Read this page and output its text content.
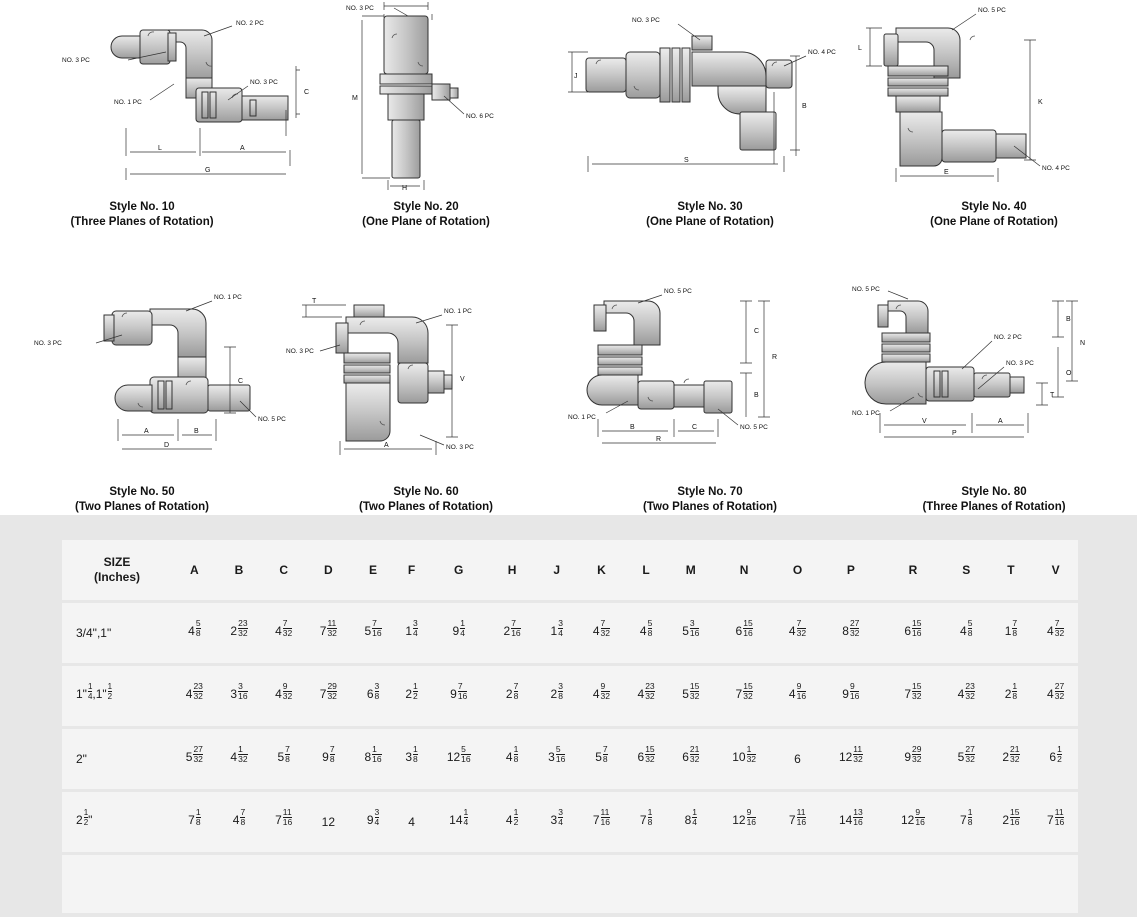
NO. 2 PC
NO. 3 PC
NO. 3 PC
NO. 1 PC
L	A
G
C
Style No. 10
(Three Planes of Rotation)
NO. 3 PC
NO. 6 PC
M
H
Style No. 20
(One Plane of Rotation)
NO. 3 PC
NO. 4 PC
J
B
S
Style No. 30
(One Plane of Rotation)
NO. 5 PC
NO. 4 PC
L
K
E
Style No. 40
(One Plane of Rotation)
NO. 1 PC
NO. 3 PC
NO. 5 PC
C
A	B
D
Style No. 50
(Two Planes of Rotation)
NO. 1 PC
NO. 3 PC
NO. 3 PC
T
V
A
Style No. 60
(Two Planes of Rotation)
NO. 5 PC
NO. 1 PC
NO. 5 PC
C
R
B
B	C
R
Style No. 70
(Two Planes of Rotation)
NO. 5 PC
NO. 2 PC
NO. 3 PC
NO. 1 PC
B
N
O
T
V	A
P
Style No. 80
(Three Planes of Rotation)
SIZE
(Inches)	A	B	C	D	E	F	G	H	J	K	L	M	N	O	P	R	S	T	V
3/4",1"	$4 \frac{5}{8}$	$2 \frac{23}{32}$	$4 \frac{7}{32}$	$7 \frac{11}{32}$	$5 \frac{7}{16}$	$1 \frac{3}{4}$	$9 \frac{1}{4}$	$2 \frac{7}{16}$	$1 \frac{3}{4}$	$4 \frac{7}{32}$	$4 \frac{5}{8}$	$5 \frac{3}{16}$	$6 \frac{15}{16}$	$4 \frac{7}{32}$	$8 \frac{27}{32}$	$6 \frac{15}{16}$	$4 \frac{5}{8}$	$1 \frac{7}{8}$	$4 \frac{7}{32}$

1" $\frac{1}{4} ,1$" $\frac{1}{2}$	$4 \frac{23}{32}$	$3 \frac{3}{16}$	$4 \frac{9}{32}$	$7 \frac{29}{32}$	$6 \frac{3}{8}$	$2 \frac{1}{2}$	$9 \frac{7}{16}$	$2 \frac{7}{8}$	$2 \frac{3}{8}$	$4 \frac{9}{32}$	$4 \frac{23}{32}$	$5 \frac{15}{32}$	$7 \frac{15}{32}$	$4 \frac{9}{16}$	$9 \frac{9}{16}$	$7 \frac{15}{32}$	$4 \frac{23}{32}$	$2 \frac{1}{8}$	$4 \frac{27}{32}$

2"	$5 \frac{27}{32}$	$4 \frac{1}{32}$	$5 \frac{7}{8}$	$9 \frac{7}{8}$	$8 \frac{1}{16}$	$3 \frac{1}{8}$	$12 \frac{5}{16}$	$4 \frac{1}{8}$	$3 \frac{5}{16}$	$5 \frac{7}{8}$	$6 \frac{15}{32}$	$6 \frac{21}{32}$	$10 \frac{1}{32}$	6	$12 \frac{11}{32}$	$9 \frac{29}{32}$	$5 \frac{27}{32}$	$2 \frac{21}{32}$	$6 \frac{1}{2}$

$2 \frac{1}{2}$ "	$7 \frac{1}{8}$	$4 \frac{7}{8}$	$7 \frac{11}{16}$	12	$9 \frac{3}{4}$	4	$14 \frac{1}{4}$	$4 \frac{1}{2}$	$3 \frac{3}{4}$	$7 \frac{11}{16}$	$7 \frac{1}{8}$	$8 \frac{1}{4}$	$12 \frac{9}{16}$	$7 \frac{11}{16}$	$14 \frac{13}{16}$	$12 \frac{9}{16}$	$7 \frac{1}{8}$	$2 \frac{15}{16}$	$7 \frac{11}{16}$
